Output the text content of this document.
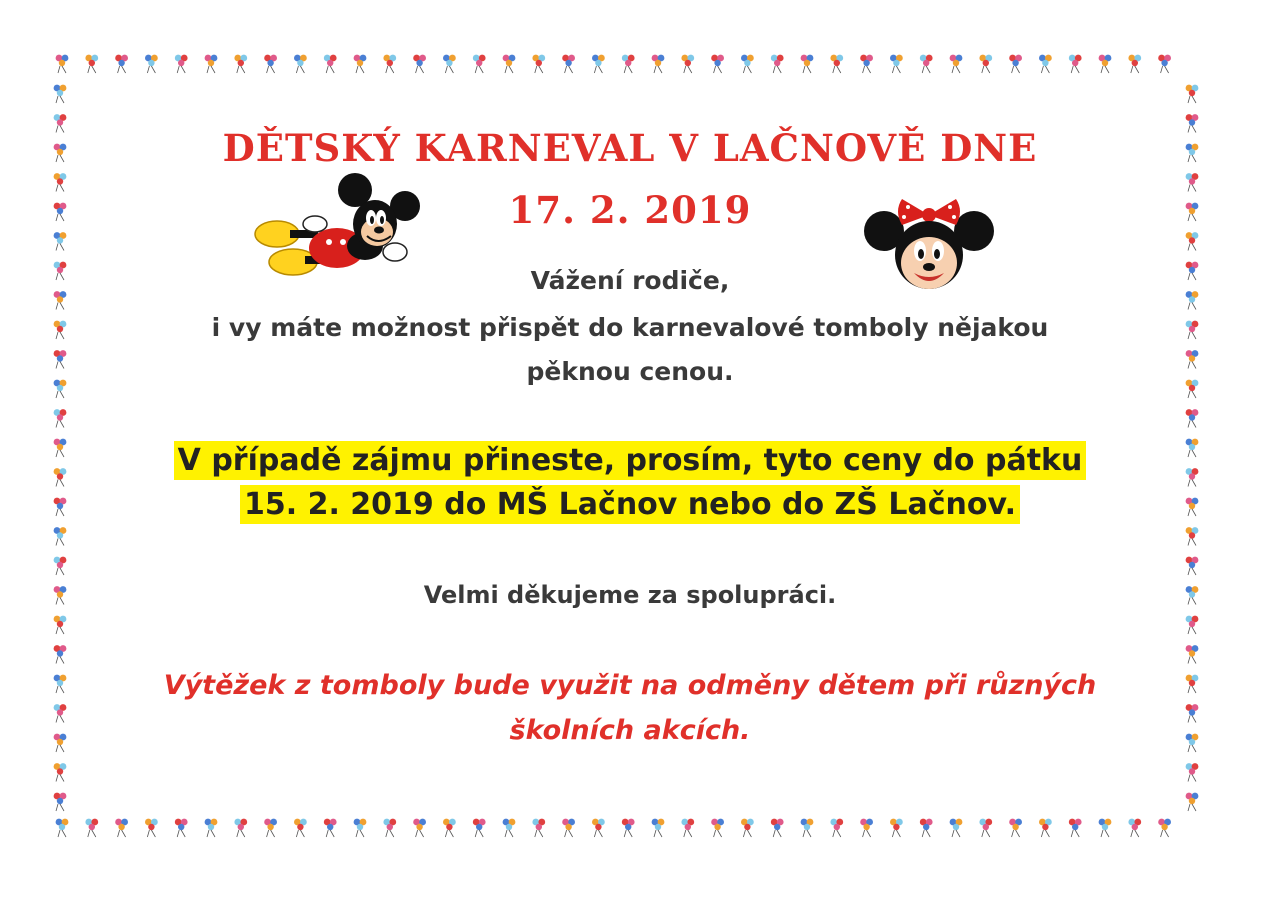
DĚTSKÝ KARNEVAL V LAČNOVĚ DNE
17. 2. 2019
Vážení rodiče,
i vy máte možnost přispět do karnevalové tomboly nějakou
pěknou cenou.
V případě zájmu přineste, prosím, tyto ceny do pátku
15. 2. 2019 do MŠ Lačnov nebo do ZŠ Lačnov.
Velmi děkujeme za spolupráci.
Výtěžek z tomboly bude využit na odměny dětem při různých
školních akcích.
